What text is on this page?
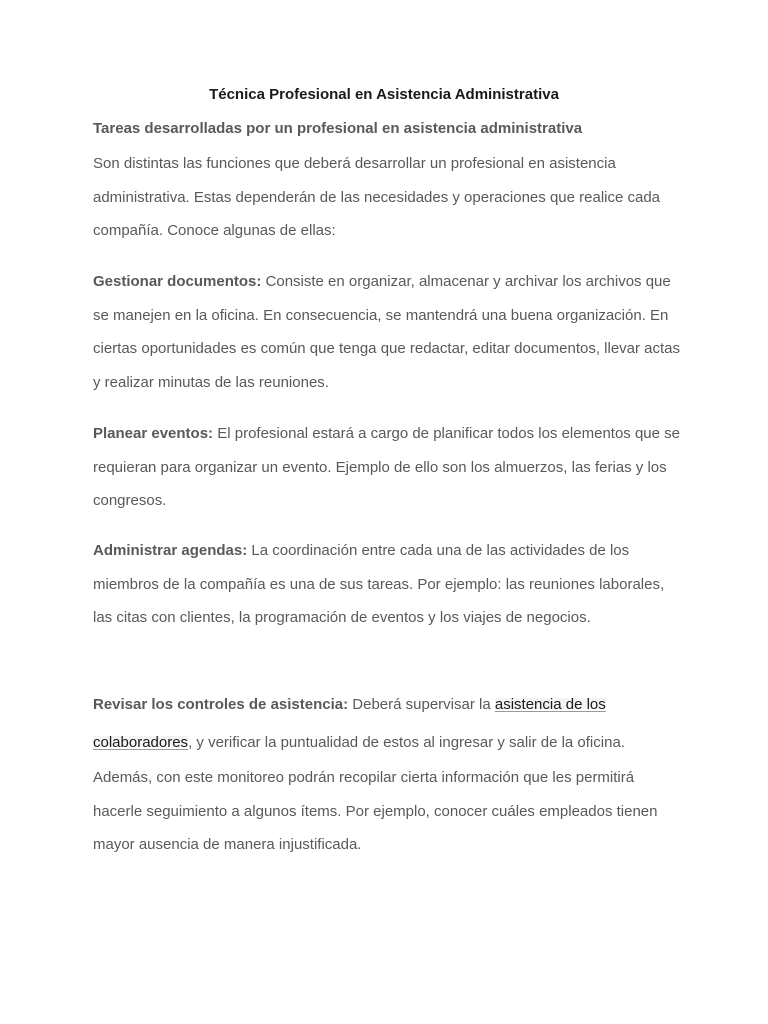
Técnica Profesional en Asistencia Administrativa
Tareas desarrolladas por un profesional en asistencia administrativa

Son distintas las funciones que deberá desarrollar un profesional en asistencia administrativa. Estas dependerán de las necesidades y operaciones que realice cada compañía. Conoce algunas de ellas:

Gestionar documentos: Consiste en organizar, almacenar y archivar los archivos que se manejen en la oficina. En consecuencia, se mantendrá una buena organización. En ciertas oportunidades es común que tenga que redactar, editar documentos, llevar actas y realizar minutas de las reuniones.

Planear eventos: El profesional estará a cargo de planificar todos los elementos que se requieran para organizar un evento. Ejemplo de ello son los almuerzos, las ferias y los congresos.

Administrar agendas: La coordinación entre cada una de las actividades de los miembros de la compañía es una de sus tareas. Por ejemplo: las reuniones laborales, las citas con clientes, la programación de eventos y los viajes de negocios.

Revisar los controles de asistencia: Deberá supervisar la asistencia de los colaboradores, y verificar la puntualidad de estos al ingresar y salir de la oficina.

Además, con este monitoreo podrán recopilar cierta información que les permitirá hacerle seguimiento a algunos ítems. Por ejemplo, conocer cuáles empleados tienen mayor ausencia de manera injustificada.
